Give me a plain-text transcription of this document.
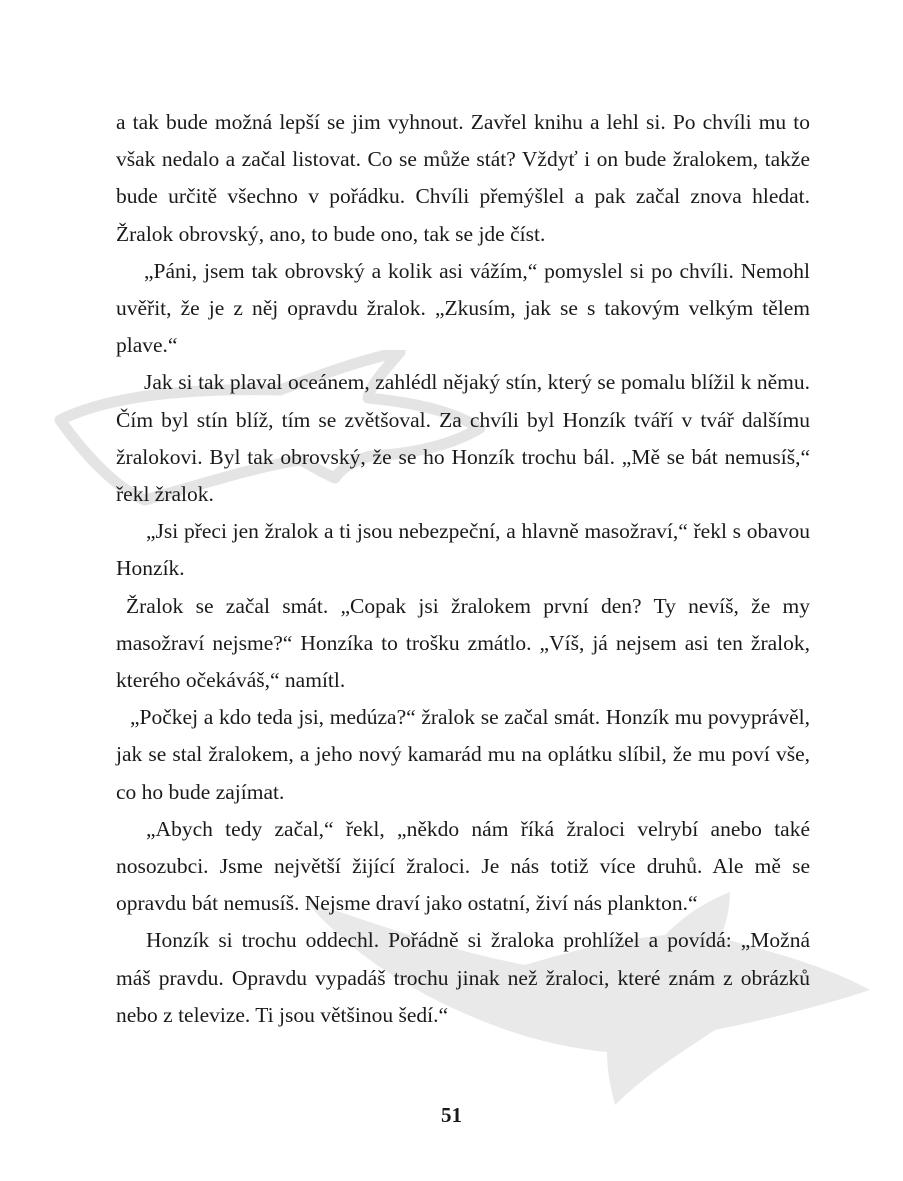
a tak bude možná lepší se jim vyhnout. Zavřel knihu a lehl si. Po chvíli mu to však nedalo a začal listovat. Co se může stát? Vždyť i on bude žralokem, takže bude určitě všechno v pořádku. Chvíli přemýšlel a pak začal znova hledat. Žralok obrovský, ano, to bude ono, tak se jde číst.

„Páni, jsem tak obrovský a kolik asi vážím,“ pomyslel si po chvíli. Nemohl uvěřit, že je z něj opravdu žralok. „Zkusím, jak se s takovým velkým tělem plave.“

Jak si tak plaval oceánem, zahlédl nějaký stín, který se pomalu blížil k němu. Čím byl stín blíž, tím se zvětšoval. Za chvíli byl Honzík tváří v tvář dalšímu žralokovi. Byl tak obrovský, že se ho Honzík trochu bál. „Mě se bát nemusíš,“ řekl žralok.

„Jsi přeci jen žralok a ti jsou nebezpeční, a hlavně masožraví,“ řekl s obavou Honzík.

Žralok se začal smát. „Copak jsi žralokem první den? Ty nevíš, že my masožraví nejsme?“ Honzíka to trošku zmátlo. „Víš, já nejsem asi ten žralok, kterého očekáváš,“ namítl.

„Počkej a kdo teda jsi, medúza?“ žralok se začal smát. Honzík mu povyprávěl, jak se stal žralokem, a jeho nový kamarád mu na oplátku slíbil, že mu poví vše, co ho bude zajímat.

„Abych tedy začal,“ řekl, „někdo nám říká žraloci velrybí anebo také nosozubci. Jsme největší žijící žraloci. Je nás totiž více druhů. Ale mě se opravdu bát nemusíš. Nejsme draví jako ostatní, živí nás plankton.“

Honzík si trochu oddechl. Pořádně si žraloka prohlížel a povídá: „Možná máš pravdu. Opravdu vypadáš trochu jinak než žraloci, které znám z obrázků nebo z televize. Ti jsou většinou šedí.“

51
